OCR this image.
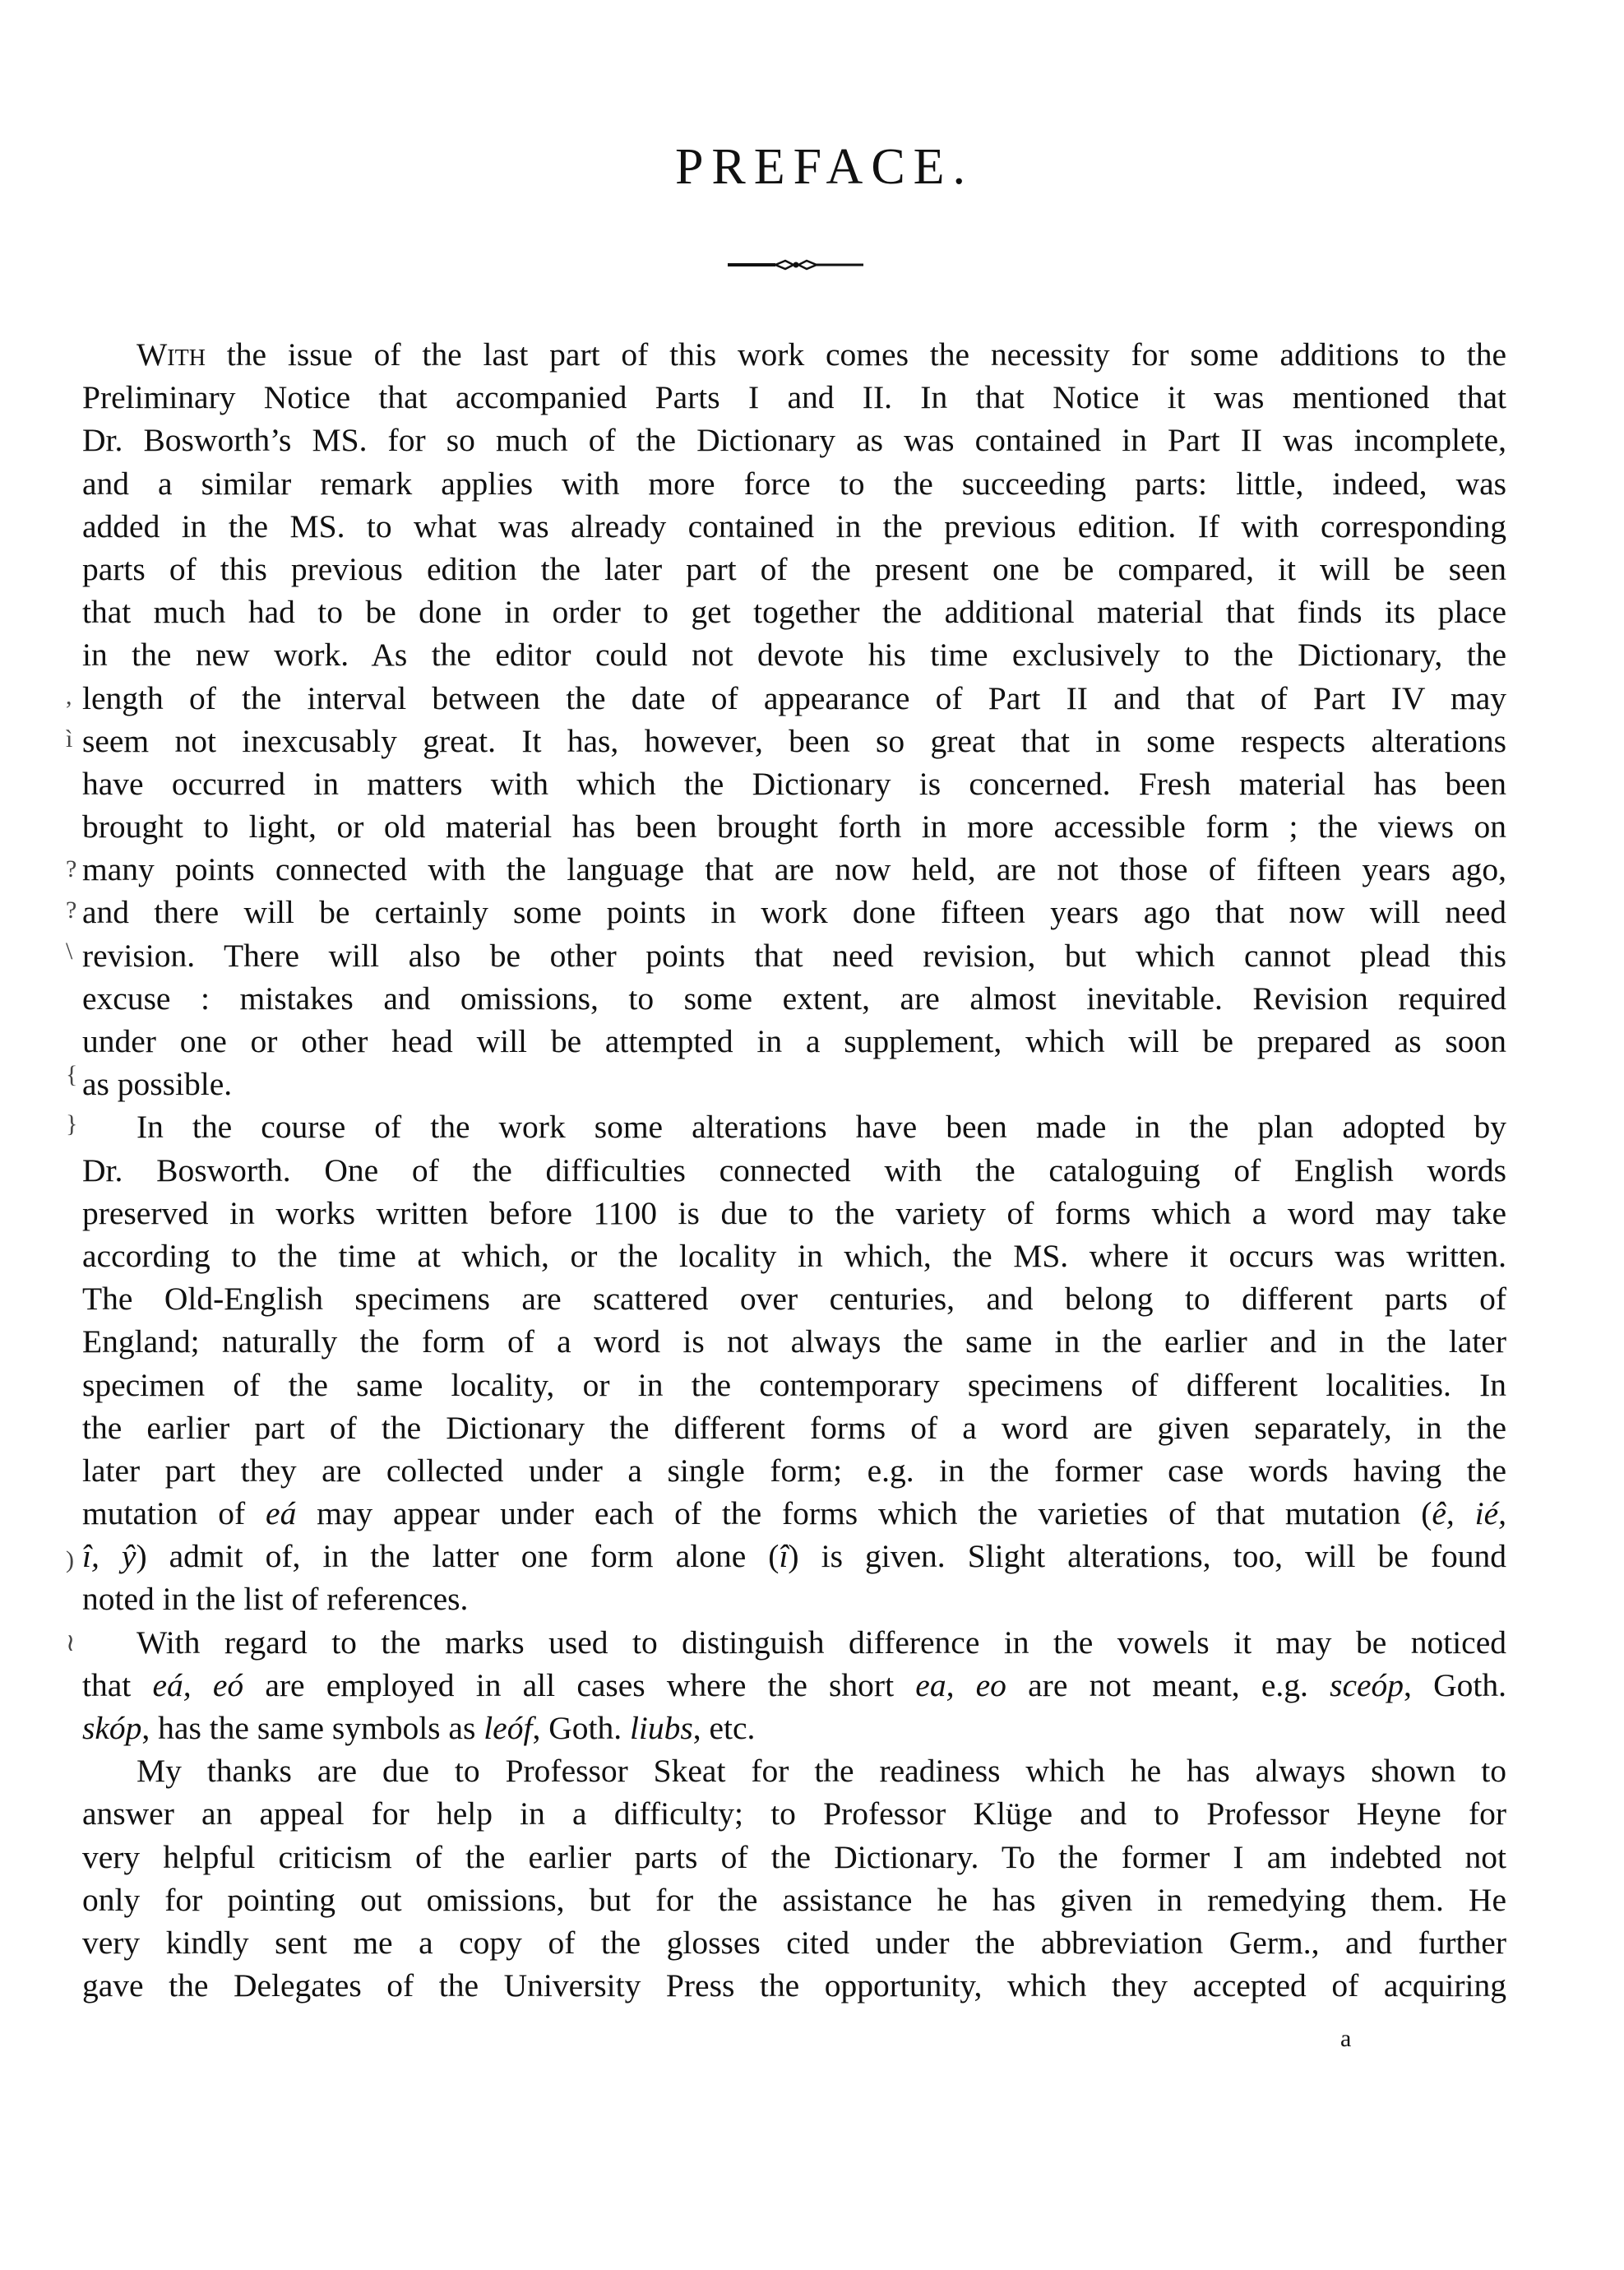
PREFACE.
With the issue of the last part of this work comes the necessity for some additions to the
Preliminary Notice that accompanied Parts I and II. In that Notice it was mentioned that
Dr. Bosworth’s MS. for so much of the Dictionary as was contained in Part II was incomplete,
and a similar remark applies with more force to the succeeding parts: little, indeed, was
added in the MS. to what was already contained in the previous edition. If with corresponding
parts of this previous edition the later part of the present one be compared, it will be seen
that much had to be done in order to get together the additional material that finds its place
in the new work. As the editor could not devote his time exclusively to the Dictionary, the
length of the interval between the date of appearance of Part II and that of Part IV may
seem not inexcusably great. It has, however, been so great that in some respects alterations
have occurred in matters with which the Dictionary is concerned. Fresh material has been
brought to light, or old material has been brought forth in more accessible form ; the views on
many points connected with the language that are now held, are not those of fifteen years ago,
and there will be certainly some points in work done fifteen years ago that now will need
revision. There will also be other points that need revision, but which cannot plead this
excuse : mistakes and omissions, to some extent, are almost inevitable. Revision required
under one or other head will be attempted in a supplement, which will be prepared as soon
as possible.
In the course of the work some alterations have been made in the plan adopted by
Dr. Bosworth. One of the difficulties connected with the cataloguing of English words
preserved in works written before 1100 is due to the variety of forms which a word may take
according to the time at which, or the locality in which, the MS. where it occurs was written.
The Old-English specimens are scattered over centuries, and belong to different parts of
England; naturally the form of a word is not always the same in the earlier and in the later
specimen of the same locality, or in the contemporary specimens of different localities. In
the earlier part of the Dictionary the different forms of a word are given separately, in the
later part they are collected under a single form; e.g. in the former case words having the
mutation of eá may appear under each of the forms which the varieties of that mutation (ê, ié,
î, ŷ) admit of, in the latter one form alone (î) is given. Slight alterations, too, will be found
noted in the list of references.
With regard to the marks used to distinguish difference in the vowels it may be noticed
that eá, eó are employed in all cases where the short ea, eo are not meant, e.g. sceóp, Goth.
skóp, has the same symbols as leóf, Goth. liubs, etc.
My thanks are due to Professor Skeat for the readiness which he has always shown to
answer an appeal for help in a difficulty; to Professor Klüge and to Professor Heyne for
very helpful criticism of the earlier parts of the Dictionary. To the former I am indebted not
only for pointing out omissions, but for the assistance he has given in remedying them. He
very kindly sent me a copy of the glosses cited under the abbreviation Germ., and further
gave the Delegates of the University Press the opportunity, which they accepted of acquiring
a
,
ì
?
?
\
{
}
)
≀
